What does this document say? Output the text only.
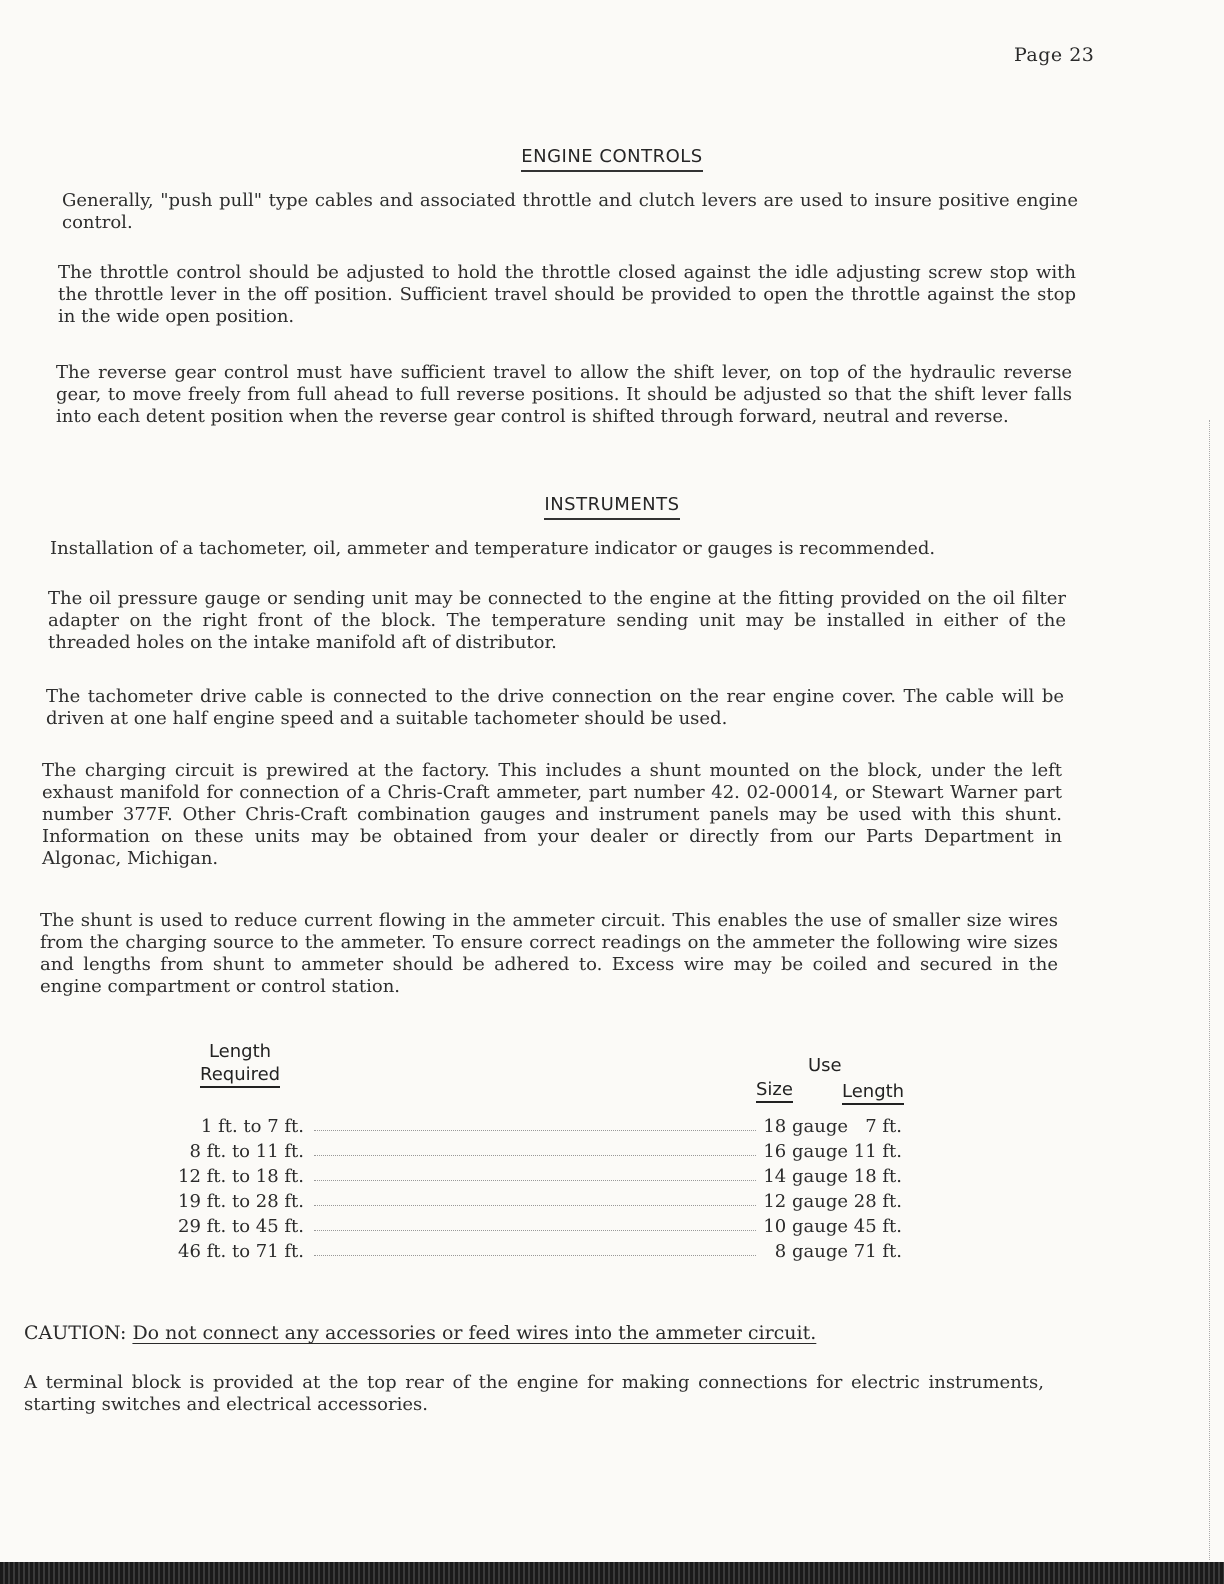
Page 23
ENGINE CONTROLS

Generally, "push pull" type cables and associated throttle and clutch levers are used to insure positive engine control.

The throttle control should be adjusted to hold the throttle closed against the idle adjusting screw stop with the throttle lever in the off position. Sufficient travel should be provided to open the throttle against the stop in the wide open position.

The reverse gear control must have sufficient travel to allow the shift lever, on top of the hydraulic reverse gear, to move freely from full ahead to full reverse positions. It should be adjusted so that the shift lever falls into each detent position when the reverse gear control is shifted through forward, neutral and reverse.

INSTRUMENTS

Installation of a tachometer, oil, ammeter and temperature indicator or gauges is recommended.

The oil pressure gauge or sending unit may be connected to the engine at the fitting provided on the oil filter adapter on the right front of the block. The temperature sending unit may be installed in either of the threaded holes on the intake manifold aft of distributor.

The tachometer drive cable is connected to the drive connection on the rear engine cover. The cable will be driven at one half engine speed and a suitable tachometer should be used.

The charging circuit is prewired at the factory. This includes a shunt mounted on the block, under the left exhaust manifold for connection of a Chris-Craft ammeter, part number 42. 02-00014, or Stewart Warner part number 377F. Other Chris-Craft combination gauges and instrument panels may be used with this shunt. Information on these units may be obtained from your dealer or directly from our Parts Department in Algonac, Michigan.

The shunt is used to reduce current flowing in the ammeter circuit. This enables the use of smaller size wires from the charging source to the ammeter. To ensure correct readings on the ammeter the following wire sizes and lengths from shunt to ammeter should be adhered to. Excess wire may be coiled and secured in the engine compartment or control station.

Length
Required	Use
Size	Length
1 ft. to 7 ft.	18 gauge 7 ft.
8 ft. to 11 ft.	16 gauge 11 ft.
12 ft. to 18 ft.	14 gauge 18 ft.
19 ft. to 28 ft.	12 gauge 28 ft.
29 ft. to 45 ft.	10 gauge 45 ft.
46 ft. to 71 ft.	8 gauge 71 ft.
CAUTION: Do not connect any accessories or feed wires into the ammeter circuit.

A terminal block is provided at the top rear of the engine for making connections for electric instruments, starting switches and electrical accessories.
